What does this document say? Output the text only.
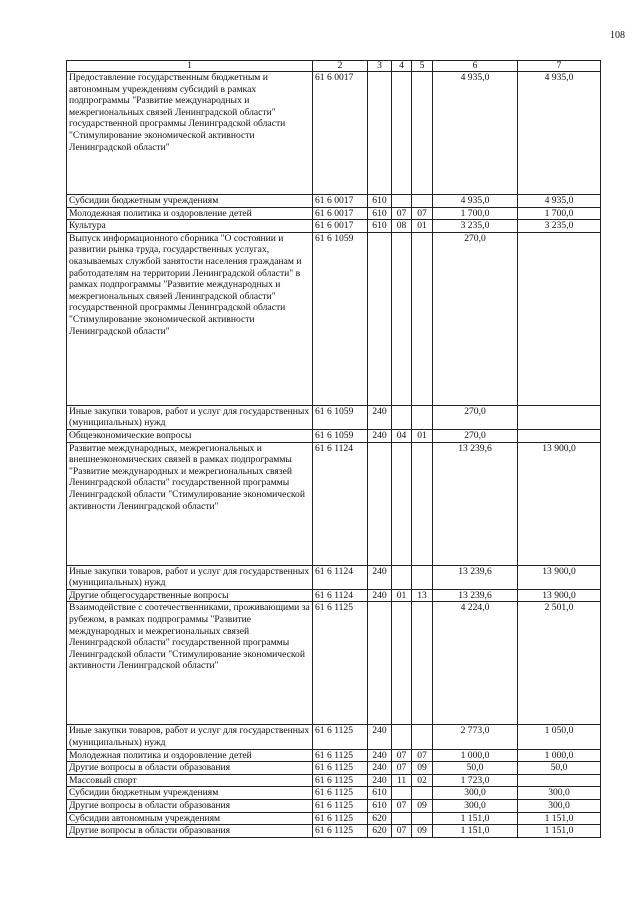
108
1	2	3	4	5	6	7
Предоставление государственным бюджетным и автономным учреждениям субсидий в рамках подпрограммы "Развитие международных и межрегиональных связей Ленинградской области" государственной программы Ленинградской области "Стимулирование экономической активности Ленинградской области"	61 6 0017				4 935,0	4 935,0
Субсидии бюджетным учреждениям	61 6 0017	610			4 935,0	4 935,0
Молодежная политика и оздоровление детей	61 6 0017	610	07	07	1 700,0	1 700,0
Культура	61 6 0017	610	08	01	3 235,0	3 235,0
Выпуск информационного сборника "О состоянии и развитии рынка труда, государственных услугах, оказываемых службой занятости населения гражданам и работодателям на территории Ленинградской области" в рамках подпрограммы "Развитие международных и межрегиональных связей Ленинградской области" государственной программы Ленинградской области "Стимулирование экономической активности Ленинградской области"	61 6 1059				270,0	
Иные закупки товаров, работ и услуг для государственных (муниципальных) нужд	61 6 1059	240			270,0	
Общеэкономические вопросы	61 6 1059	240	04	01	270,0	
Развитие международных, межрегиональных и внешнеэкономических связей в рамках подпрограммы "Развитие международных и межрегиональных связей Ленинградской области" государственной программы Ленинградской области "Стимулирование экономической активности Ленинградской области"	61 6 1124				13 239,6	13 900,0
Иные закупки товаров, работ и услуг для государственных (муниципальных) нужд	61 6 1124	240			13 239,6	13 900,0
Другие общегосударственные вопросы	61 6 1124	240	01	13	13 239,6	13 900,0
Взаимодействие с соотечественниками, проживающими за рубежом, в рамках подпрограммы "Развитие международных и межрегиональных связей Ленинградской области" государственной программы Ленинградской области "Стимулирование экономической активности Ленинградской области"	61 6 1125				4 224,0	2 501,0
Иные закупки товаров, работ и услуг для государственных (муниципальных) нужд	61 6 1125	240			2 773,0	1 050,0
Молодежная политика и оздоровление детей	61 6 1125	240	07	07	1 000,0	1 000,0
Другие вопросы в области образования	61 6 1125	240	07	09	50,0	50,0
Массовый спорт	61 6 1125	240	11	02	1 723,0	
Субсидии бюджетным учреждениям	61 6 1125	610			300,0	300,0
Другие вопросы в области образования	61 6 1125	610	07	09	300,0	300,0
Субсидии автономным учреждениям	61 6 1125	620			1 151,0	1 151,0
Другие вопросы в области образования	61 6 1125	620	07	09	1 151,0	1 151,0
